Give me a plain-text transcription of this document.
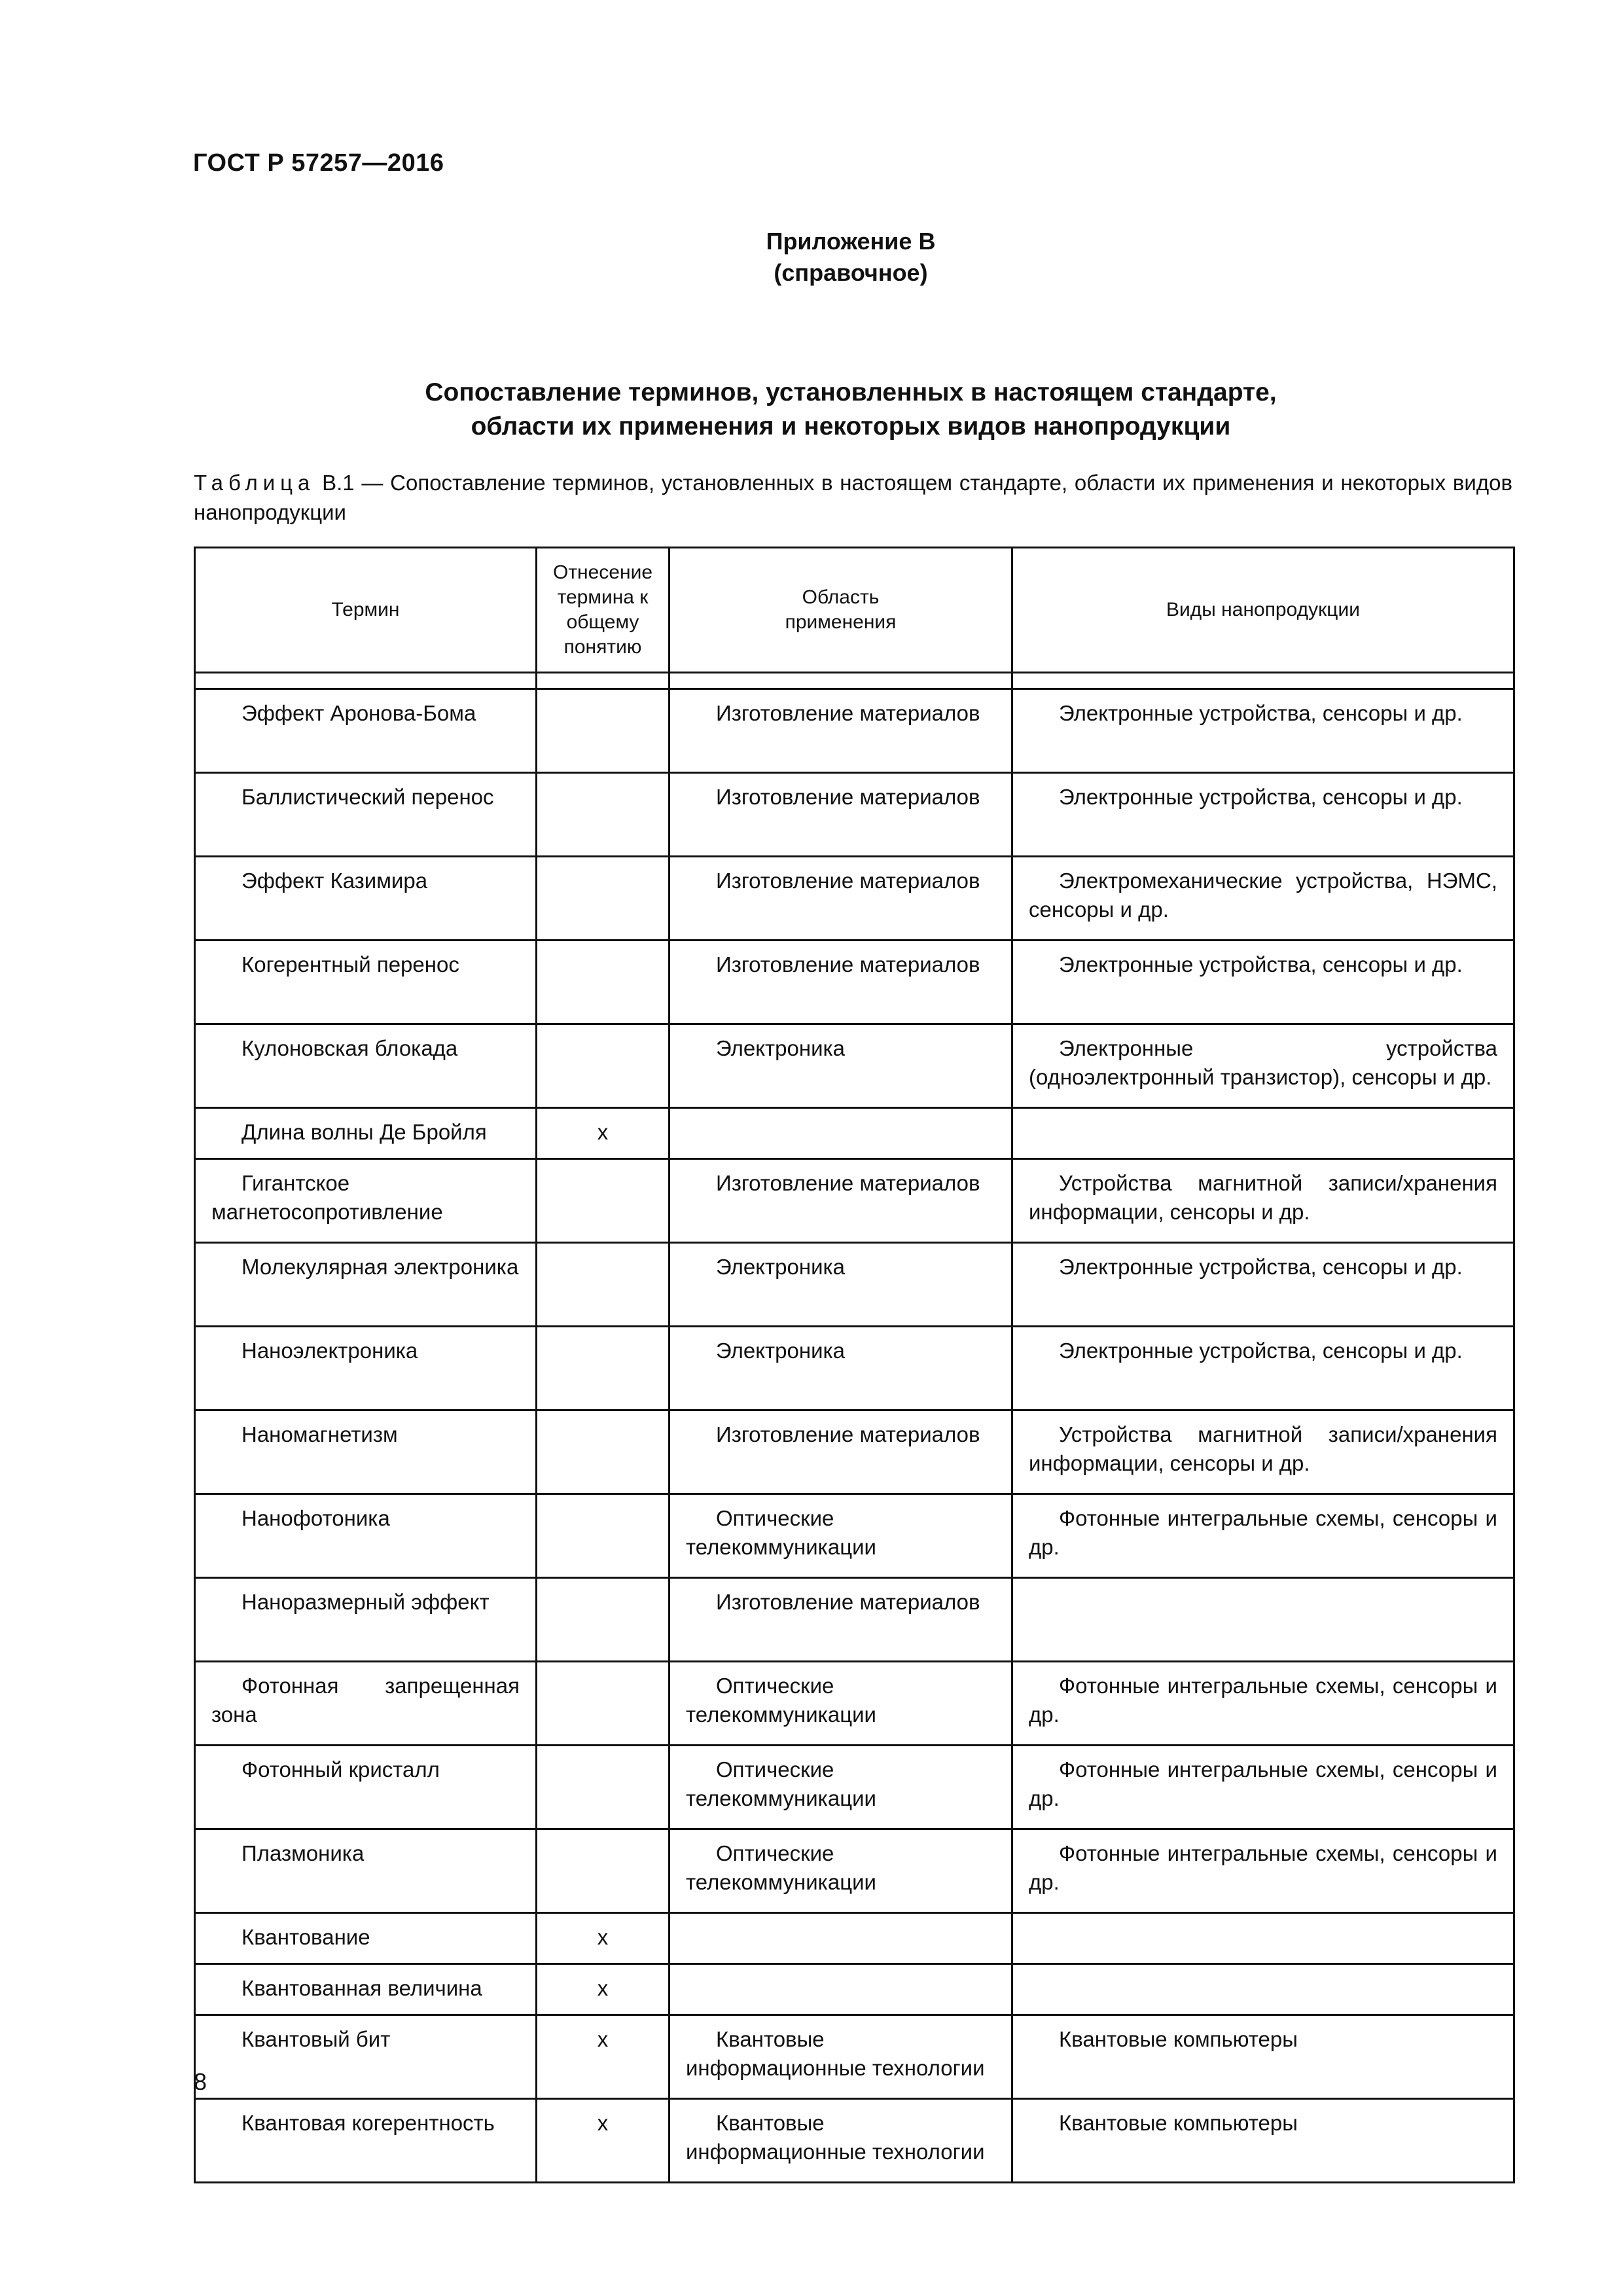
ГОСТ Р 57257—2016
Приложение В
(справочное)
Сопоставление терминов, установленных в настоящем стандарте,
области их применения и некоторых видов нанопродукции
Таблица В.1 — Сопоставление терминов, установленных в настоящем стандарте, области их применения и некоторых видов нанопродукции
Термин	Отнесение термина к общему понятию	Область применения	Виды нанопродукции

Эффект Аронова-Бома		Изготовление материалов	Электронные устройства, сенсоры и др.
Баллистический перенос		Изготовление материалов	Электронные устройства, сенсоры и др.
Эффект Казимира		Изготовление материалов	Электромеханические устройства, НЭМС, сенсоры и др.
Когерентный перенос		Изготовление материалов	Электронные устройства, сенсоры и др.
Кулоновская блокада		Электроника	Электронные устройства (одноэлектронный транзистор), сенсоры и др.
Длина волны Де Бройля	x		
Гигантское магнетосопротивление		Изготовление материалов	Устройства магнитной записи/хранения информации, сенсоры и др.
Молекулярная электроника		Электроника	Электронные устройства, сенсоры и др.
Наноэлектроника		Электроника	Электронные устройства, сенсоры и др.
Наномагнетизм		Изготовление материалов	Устройства магнитной записи/хранения информации, сенсоры и др.
Нанофотоника		Оптические телекоммуникации	Фотонные интегральные схемы, сенсоры и др.
Наноразмерный эффект		Изготовление материалов	
Фотонная запрещенная зона		Оптические телекоммуникации	Фотонные интегральные схемы, сенсоры и др.
Фотонный кристалл		Оптические телекоммуникации	Фотонные интегральные схемы, сенсоры и др.
Плазмоника		Оптические телекоммуникации	Фотонные интегральные схемы, сенсоры и др.
Квантование	x		
Квантованная величина	x		
Квантовый бит	x	Квантовые информационные технологии	Квантовые компьютеры
Квантовая когерентность	x	Квантовые информационные технологии	Квантовые компьютеры
8
